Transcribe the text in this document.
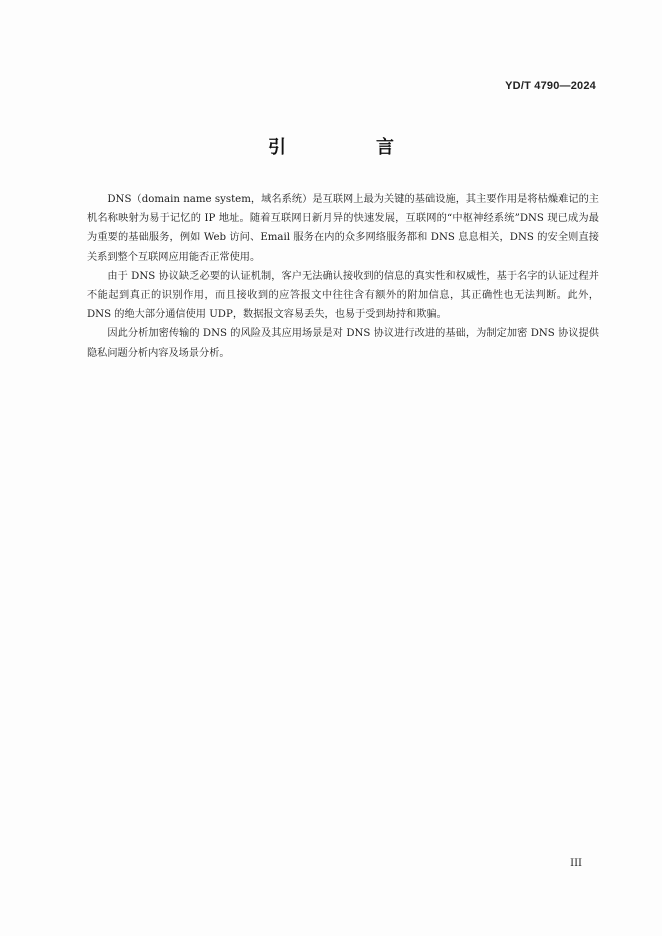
YD/T 4790—2024
引　言

DNS（domain name system，域名系统）是互联网上最为关键的基础设施，其主要作用是将枯燥难记的主机名称映射为易于记忆的 IP 地址。随着互联网日新月异的快速发展，互联网的“中枢神经系统”DNS 现已成为最为重要的基础服务，例如 Web 访问、Email 服务在内的众多网络服务都和 DNS 息息相关，DNS 的安全则直接关系到整个互联网应用能否正常使用。

由于 DNS 协议缺乏必要的认证机制，客户无法确认接收到的信息的真实性和权威性，基于名字的认证过程并不能起到真正的识别作用，而且接收到的应答报文中往往含有额外的附加信息，其正确性也无法判断。此外，DNS 的绝大部分通信使用 UDP，数据报文容易丢失，也易于受到劫持和欺骗。

因此分析加密传输的 DNS 的风险及其应用场景是对 DNS 协议进行改进的基础，为制定加密 DNS 协议提供隐私问题分析内容及场景分析。

III
